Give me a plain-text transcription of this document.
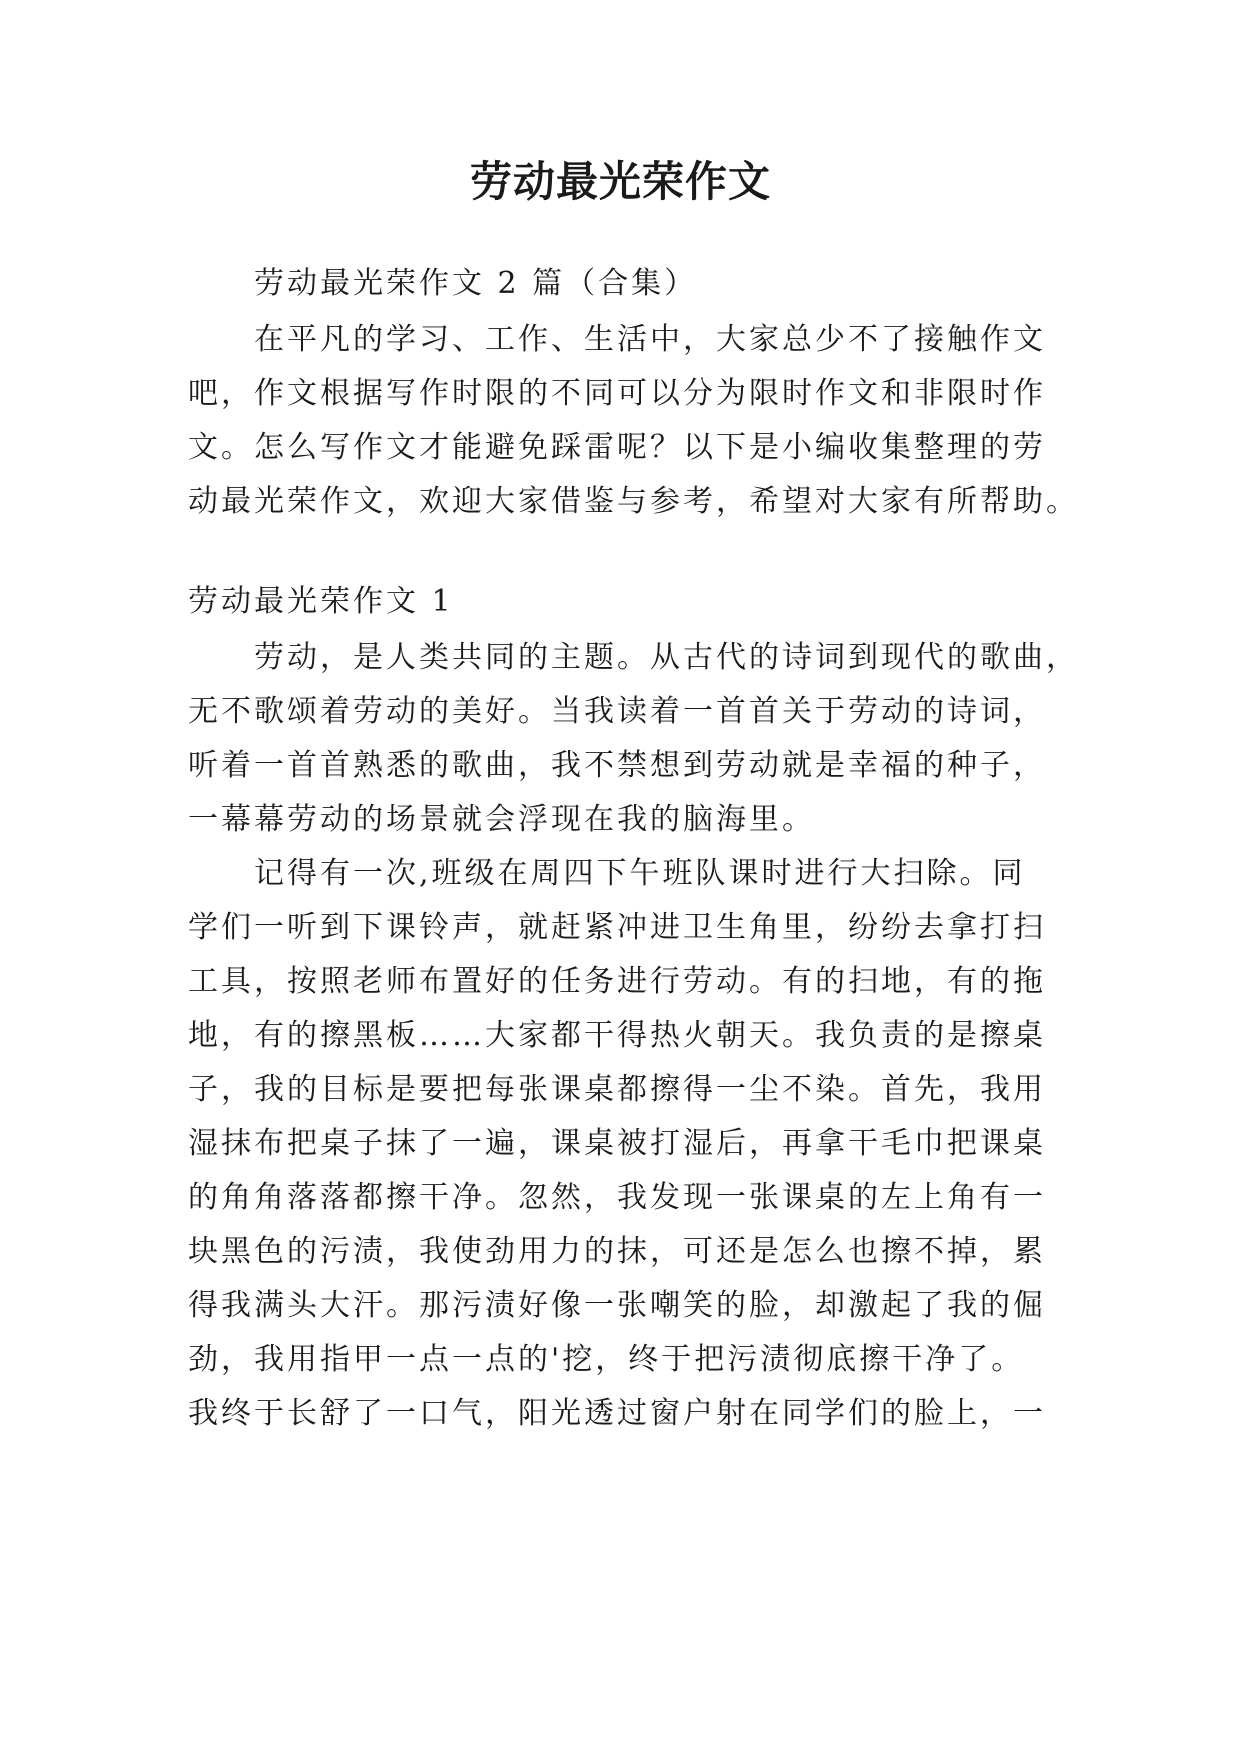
劳动最光荣作文
劳动最光荣作文 2 篇（合集）
在平凡的学习、工作、生活中，大家总少不了接触作文
吧，作文根据写作时限的不同可以分为限时作文和非限时作
文。怎么写作文才能避免踩雷呢？以下是小编收集整理的劳
动最光荣作文，欢迎大家借鉴与参考，希望对大家有所帮助。
劳动最光荣作文 1
劳动，是人类共同的主题。从古代的诗词到现代的歌曲，
无不歌颂着劳动的美好。当我读着一首首关于劳动的诗词，
听着一首首熟悉的歌曲，我不禁想到劳动就是幸福的种子，
一幕幕劳动的场景就会浮现在我的脑海里。
记得有一次,班级在周四下午班队课时进行大扫除。同
学们一听到下课铃声，就赶紧冲进卫生角里，纷纷去拿打扫
工具，按照老师布置好的任务进行劳动。有的扫地，有的拖
地，有的擦黑板……大家都干得热火朝天。我负责的是擦桌
子，我的目标是要把每张课桌都擦得一尘不染。首先，我用
湿抹布把桌子抹了一遍，课桌被打湿后，再拿干毛巾把课桌
的角角落落都擦干净。忽然，我发现一张课桌的左上角有一
块黑色的污渍，我使劲用力的抹，可还是怎么也擦不掉，累
得我满头大汗。那污渍好像一张嘲笑的脸，却激起了我的倔
劲，我用指甲一点一点的'挖，终于把污渍彻底擦干净了。
我终于长舒了一口气，阳光透过窗户射在同学们的脸上，一
